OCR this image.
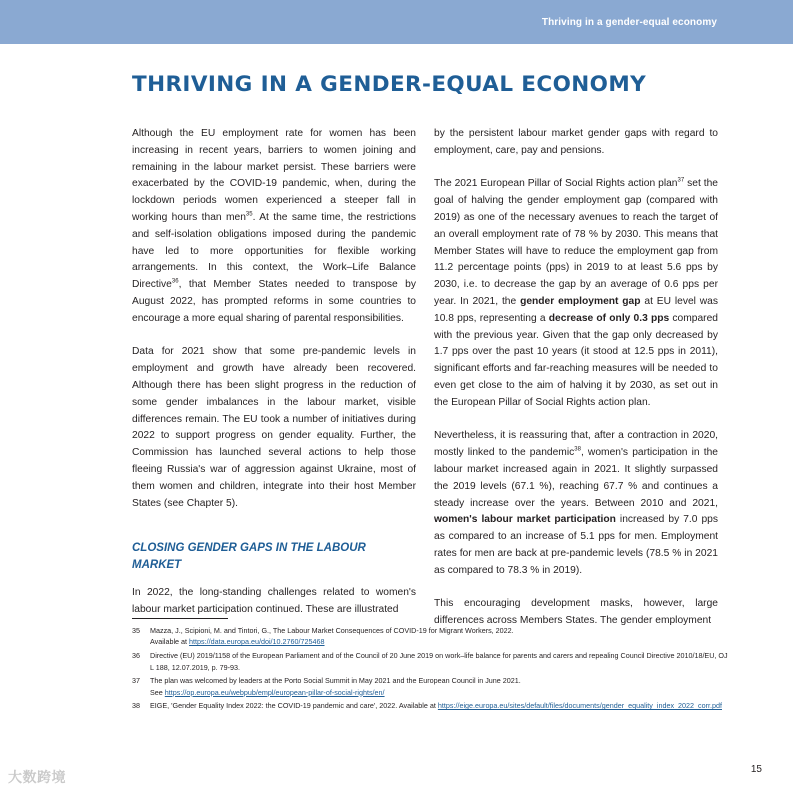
Thriving in a gender-equal economy
THRIVING IN A GENDER-EQUAL ECONOMY

Although the EU employment rate for women has been increasing in recent years, barriers to women joining and remaining in the labour market persist. These barriers were exacerbated by the COVID-19 pandemic, when, during the lockdown periods women experienced a steeper fall in working hours than men$^{35}$. At the same time, the restrictions and self-isolation obligations imposed during the pandemic have led to more opportunities for flexible working arrangements. In this context, the Work–Life Balance Directive$^{36}$, that Member States needed to transpose by August 2022, has prompted reforms in some countries to encourage a more equal sharing of parental responsibilities.

Data for 2021 show that some pre-pandemic levels in employment and growth have already been recovered. Although there has been slight progress in the reduction of some gender imbalances in the labour market, visible differences remain. The EU took a number of initiatives during 2022 to support progress on gender equality. Further, the Commission has launched several actions to help those fleeing Russia's war of aggression against Ukraine, most of them women and children, integrate into their host Member States (see Chapter 5).

CLOSING GENDER GAPS IN THE LABOUR MARKET

In 2022, the long-standing challenges related to women's labour market participation continued. These are illustrated

by the persistent labour market gender gaps with regard to employment, care, pay and pensions.

The 2021 European Pillar of Social Rights action plan$^{37}$ set the goal of halving the gender employment gap (compared with 2019) as one of the necessary avenues to reach the target of an overall employment rate of 78 % by 2030. This means that Member States will have to reduce the employment gap from 11.2 percentage points (pps) in 2019 to at least 5.6 pps by 2030, i.e. to decrease the gap by an average of 0.6 pps per year. In 2021, the gender employment gap at EU level was 10.8 pps, representing a decrease of only 0.3 pps compared with the previous year. Given that the gap only decreased by 1.7 pps over the past 10 years (it stood at 12.5 pps in 2011), significant efforts and far-reaching measures will be needed to even get close to the aim of halving it by 2030, as set out in the European Pillar of Social Rights action plan.

Nevertheless, it is reassuring that, after a contraction in 2020, mostly linked to the pandemic$^{38}$, women's participation in the labour market increased again in 2021. It slightly surpassed the 2019 levels (67.1 %), reaching 67.7 % and continues a steady increase over the years. Between 2010 and 2021, women's labour market participation increased by 7.0 pps as compared to an increase of 5.1 pps for men. Employment rates for men are back at pre-pandemic levels (78.5 % in 2021 as compared to 78.3 % in 2019).

This encouraging development masks, however, large differences across Members States. The gender employment

35	Mazza, J., Scipioni, M. and Tintori, G., The Labour Market Consequences of COVID-19 for Migrant Workers, 2022.
Available at https://data.europa.eu/doi/10.2760/725468
36	Directive (EU) 2019/1158 of the European Parliament and of the Council of 20 June 2019 on work–life balance for parents and carers and repealing Council Directive 2010/18/EU, OJ L 188, 12.07.2019, p. 79-93.
37	The plan was welcomed by leaders at the Porto Social Summit in May 2021 and the European Council in June 2021.
See https://op.europa.eu/webpub/empl/european-pillar-of-social-rights/en/
38	EIGE, 'Gender Equality Index 2022: the COVID-19 pandemic and care', 2022. Available at https://eige.europa.eu/sites/default/files/documents/gender_equality_index_2022_corr.pdf
大数跨境	15
